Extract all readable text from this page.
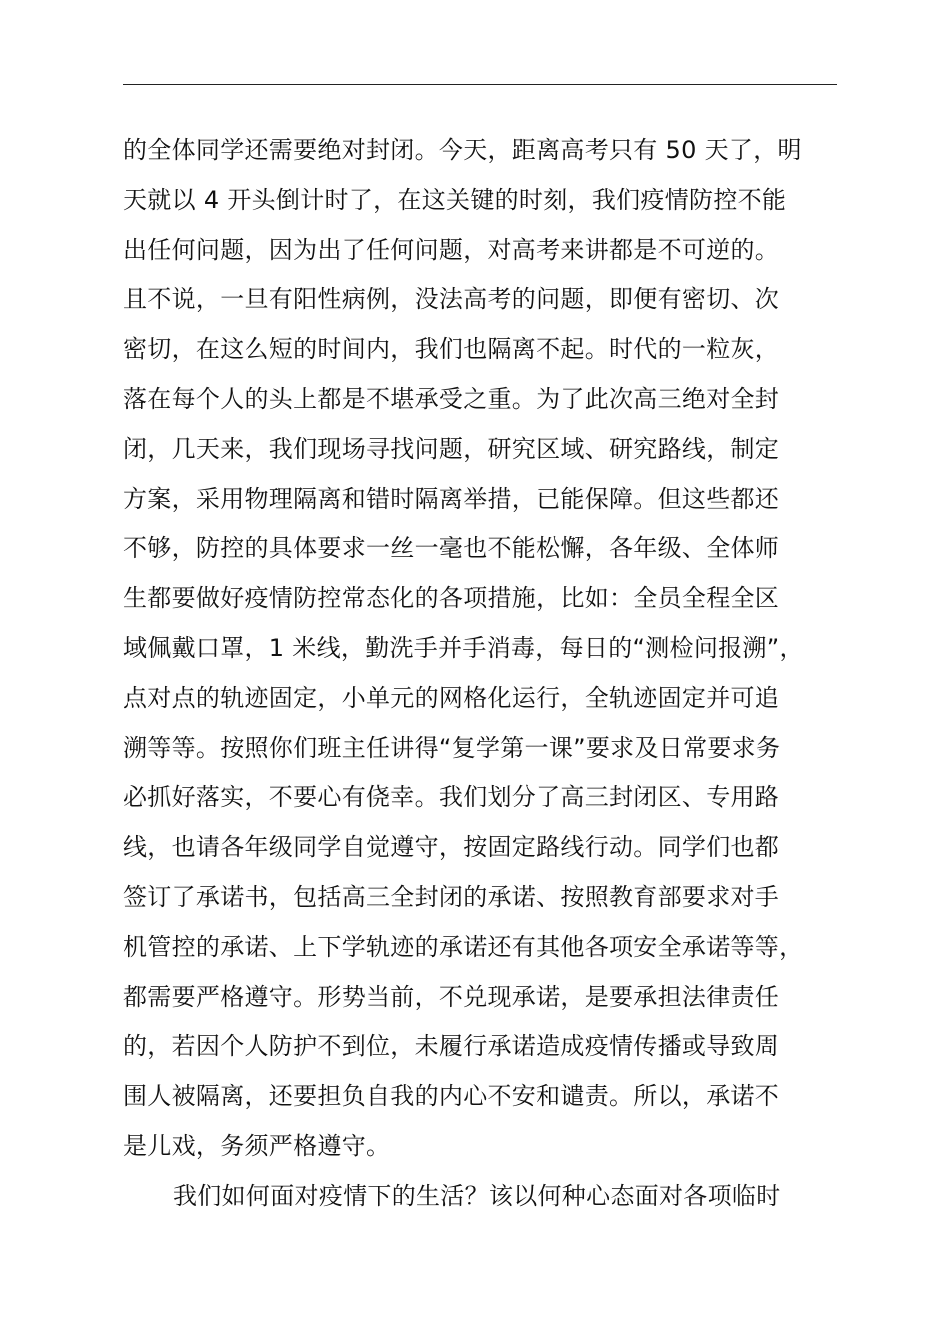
的全体同学还需要绝对封闭。今天，距离高考只有 50 天了，明
天就以 4 开头倒计时了，在这关键的时刻，我们疫情防控不能
出任何问题，因为出了任何问题，对高考来讲都是不可逆的。
且不说，一旦有阳性病例，没法高考的问题，即便有密切、次
密切，在这么短的时间内，我们也隔离不起。时代的一粒灰，
落在每个人的头上都是不堪承受之重。为了此次高三绝对全封
闭，几天来，我们现场寻找问题，研究区域、研究路线，制定
方案，采用物理隔离和错时隔离举措，已能保障。但这些都还
不够，防控的具体要求一丝一毫也不能松懈，各年级、全体师
生都要做好疫情防控常态化的各项措施，比如：全员全程全区
域佩戴口罩，1 米线，勤洗手并手消毒，每日的“测检问报溯”，
点对点的轨迹固定，小单元的网格化运行，全轨迹固定并可追
溯等等。按照你们班主任讲得“复学第一课”要求及日常要求务
必抓好落实，不要心有侥幸。我们划分了高三封闭区、专用路
线，也请各年级同学自觉遵守，按固定路线行动。同学们也都
签订了承诺书，包括高三全封闭的承诺、按照教育部要求对手
机管控的承诺、上下学轨迹的承诺还有其他各项安全承诺等等，
都需要严格遵守。形势当前，不兑现承诺，是要承担法律责任
的，若因个人防护不到位，未履行承诺造成疫情传播或导致周
围人被隔离，还要担负自我的内心不安和谴责。所以，承诺不
是儿戏，务须严格遵守。
我们如何面对疫情下的生活？该以何种心态面对各项临时
